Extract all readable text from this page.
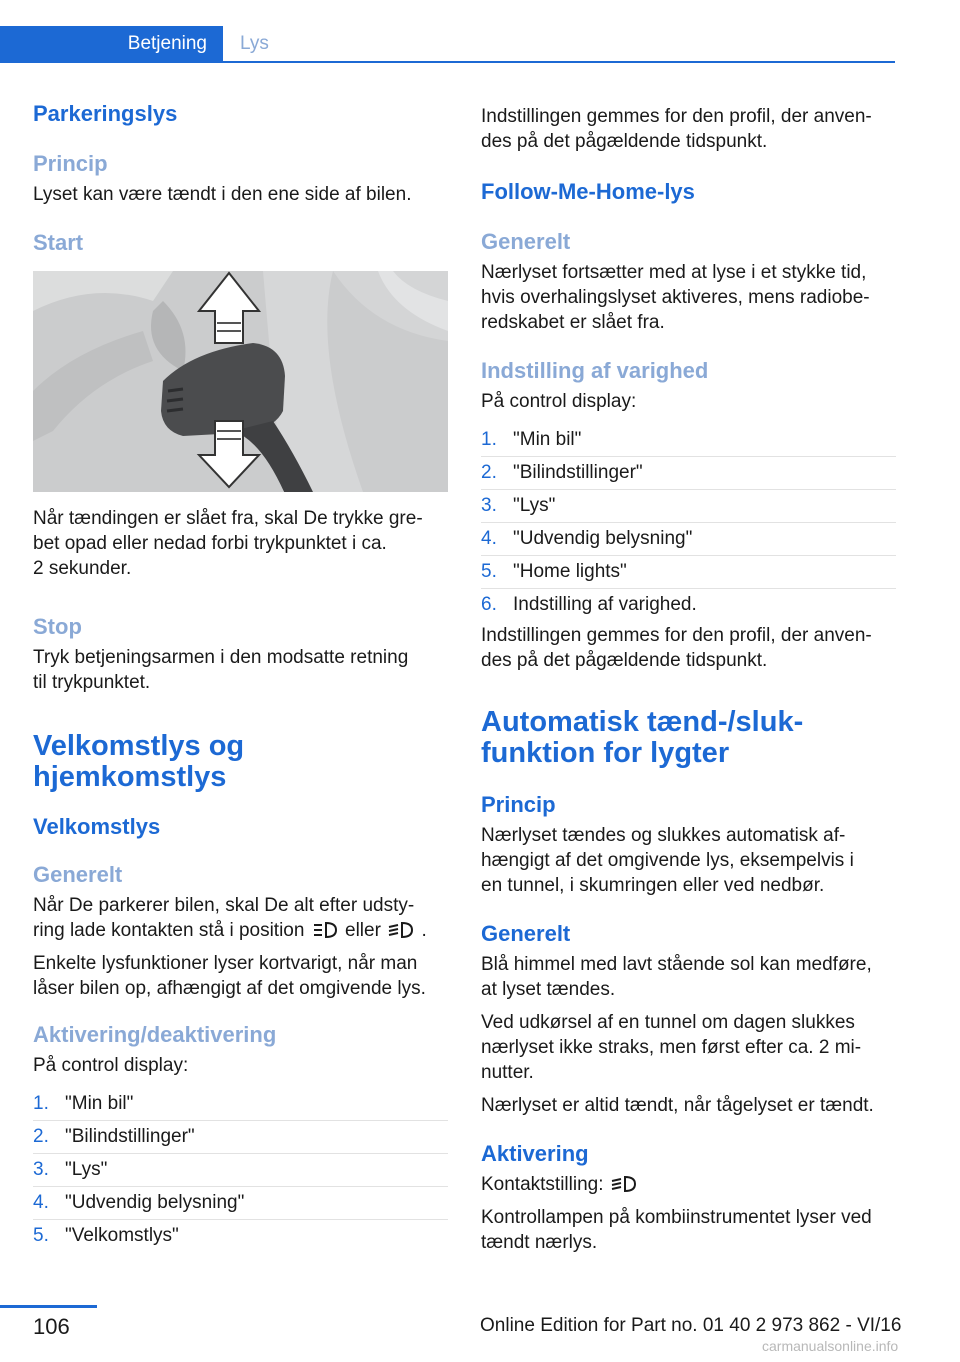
Betjening	Lys
Parkeringslys
Princip

Lyset kan være tændt i den ene side af bilen.

Start

Når tændingen er slået fra, skal De trykke gre‐

bet opad eller nedad forbi trykpunktet i ca.

2 sekunder.

Stop

Tryk betjeningsarmen i den modsatte retning

til trykpunktet.

Velkomstlys og
hjemkomstlys
Velkomstlys
Generelt

Når De parkerer bilen, skal De alt efter udsty‐

ring lade kontakten stå i position eller .

Enkelte lysfunktioner lyser kortvarigt, når man

låser bilen op, afhængigt af det omgivende lys.

Aktivering/deaktivering

På control display:

1. "Min bil"
2. "Bilindstillinger"
3. "Lys"
4. "Udvendig belysning"
5. "Velkomstlys"

Indstillingen gemmes for den profil, der anven‐

des på det pågældende tidspunkt.

Follow-Me-Home-lys
Generelt

Nærlyset fortsætter med at lyse i et stykke tid,

hvis overhalingslyset aktiveres, mens radiobe‐

redskabet er slået fra.

Indstilling af varighed

På control display:

1. "Min bil"
2. "Bilindstillinger"
3. "Lys"
4. "Udvendig belysning"
5. "Home lights"
6. Indstilling af varighed.

Indstillingen gemmes for den profil, der anven‐

des på det pågældende tidspunkt.

Automatisk tænd-/sluk-
funktion for lygter
Princip

Nærlyset tændes og slukkes automatisk af‐

hængigt af det omgivende lys, eksempelvis i

en tunnel, i skumringen eller ved nedbør.

Generelt

Blå himmel med lavt stående sol kan medføre,

at lyset tændes.

Ved udkørsel af en tunnel om dagen slukkes

nærlyset ikke straks, men først efter ca. 2 mi‐

nutter.

Nærlyset er altid tændt, når tågelyset er tændt.

Aktivering

Kontaktstilling:

Kontrollampen på kombiinstrumentet lyser ved

tændt nærlys.

106	Online Edition for Part no. 01 40 2 973 862 - VI/16
carmanualsonline.info
